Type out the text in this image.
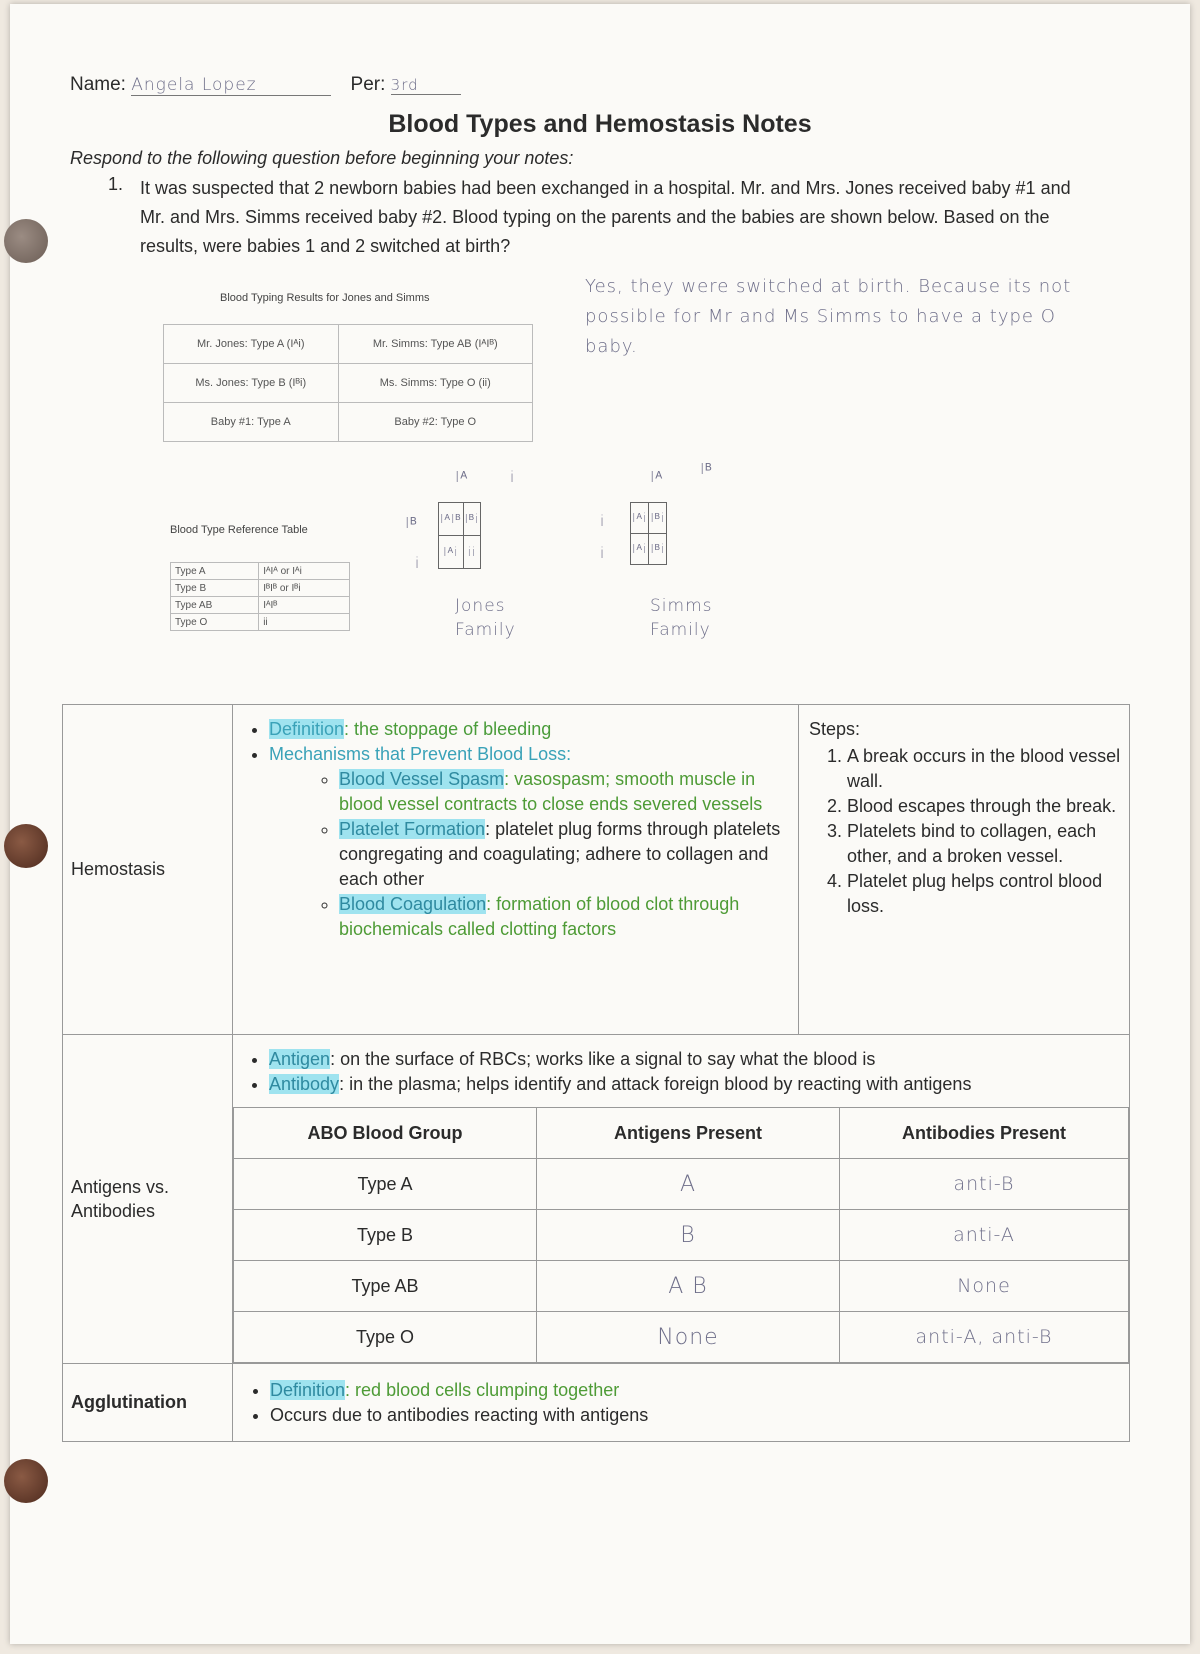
Name: Angela Lopez	Per: 3rd
Blood Types and Hemostasis Notes
Respond to the following question before beginning your notes:
1. It was suspected that 2 newborn babies had been exchanged in a hospital. Mr. and Mrs. Jones received baby #1 and Mr. and Mrs. Simms received baby #2. Blood typing on the parents and the babies are shown below. Based on the results, were babies 1 and 2 switched at birth?
Yes, they were switched at birth. Because its not possible for Mr and Ms Simms to have a type O baby.
Blood Typing Results for Jones and Simms
Mr. Jones: Type A (Iᴬi)	Mr. Simms: Type AB (IᴬIᴮ)
Ms. Jones: Type B (Iᴮi)	Ms. Simms: Type O (ii)
Baby #1: Type A	Baby #2: Type O
Blood Type Reference Table
Type A	IᴬIᴬ or Iᴬi
Type B	IᴮIᴮ or Iᴮi
Type AB	IᴬIᴮ
Type O	ii
Iᴬ	i
Iᴮ
i
IᴬIᴮ	Iᴮi
Iᴬi	ii
Jones Family
Iᴬ Iᴮ
i
i
Iᴬi	Iᴮi
Iᴬi	Iᴮi
Simms Family
Hemostasis	
• Definition: the stoppage of bleeding
• Mechanisms that Prevent Blood Loss:
◦ Blood Vessel Spasm: vasospasm; smooth muscle in blood vessel contracts to close ends severed vessels
◦ Platelet Formation: platelet plug forms through platelets congregating and coagulating; adhere to collagen and each other
◦ Blood Coagulation: formation of blood clot through biochemicals called clotting factors

Steps:
1. A break occurs in the blood vessel wall.
2. Blood escapes through the break.
3. Platelets bind to collagen, each other, and a broken vessel.
4. Platelet plug helps control blood loss.

Antigens vs. Antibodies	
• Antigen: on the surface of RBCs; works like a signal to say what the blood is
• Antibody: in the plasma; helps identify and attack foreign blood by reacting with antigens
ABO Blood Group	Antigens Present	Antibodies Present
Type A	A	anti-B
Type B	B	anti-A
Type AB	A B	None
Type O	None	anti-A, anti-B

Agglutination	
• Definition: red blood cells clumping together
• Occurs due to antibodies reacting with antigens
